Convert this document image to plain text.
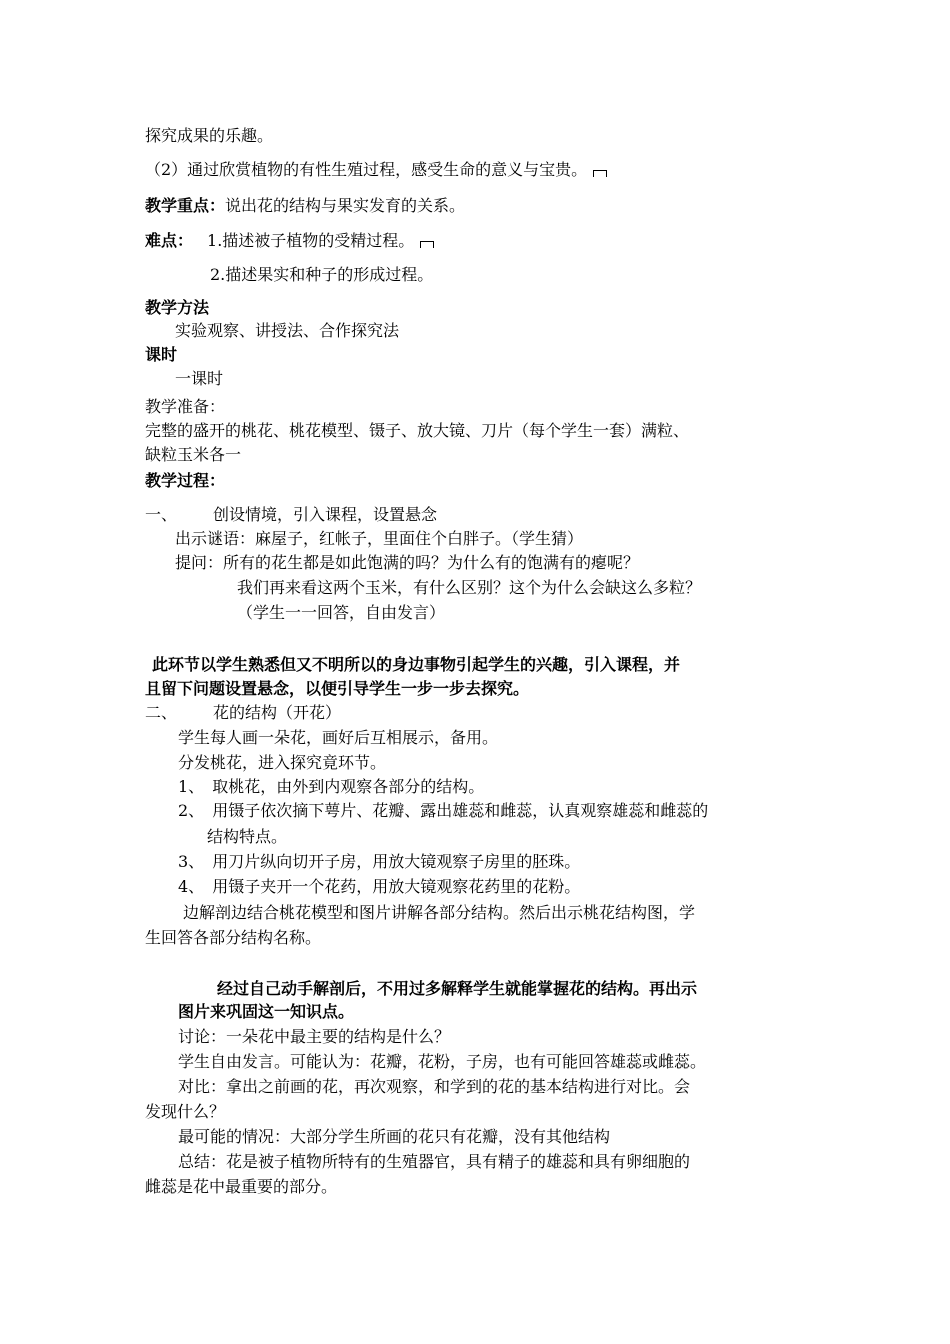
探究成果的乐趣。
（2）通过欣赏植物的有性生殖过程，感受生命的意义与宝贵。
教学重点：说出花的结构与果实发育的关系。
难点： 1.描述被子植物的受精过程。
2.描述果实和种子的形成过程。
教学方法
实验观察、讲授法、合作探究法
课时
一课时
教学准备：
完整的盛开的桃花、桃花模型、镊子、放大镜、刀片（每个学生一套）满粒、
缺粒玉米各一
教学过程：
一、 创设情境，引入课程，设置悬念
出示谜语：麻屋子，红帐子，里面住个白胖子。（学生猜）
提问：所有的花生都是如此饱满的吗？为什么有的饱满有的瘪呢？
我们再来看这两个玉米，有什么区别？这个为什么会缺这么多粒？
（学生一一回答，自由发言）
此环节以学生熟悉但又不明所以的身边事物引起学生的兴趣，引入课程，并
且留下问题设置悬念，以便引导学生一步一步去探究。
二、 花的结构（开花）
学生每人画一朵花，画好后互相展示，备用。
分发桃花，进入探究竟环节。
1、 取桃花，由外到内观察各部分的结构。
2、 用镊子依次摘下萼片、花瓣、露出雄蕊和雌蕊，认真观察雄蕊和雌蕊的
结构特点。
3、 用刀片纵向切开子房，用放大镜观察子房里的胚珠。
4、 用镊子夹开一个花药，用放大镜观察花药里的花粉。
边解剖边结合桃花模型和图片讲解各部分结构。然后出示桃花结构图，学
生回答各部分结构名称。
经过自己动手解剖后，不用过多解释学生就能掌握花的结构。再出示
图片来巩固这一知识点。
讨论：一朵花中最主要的结构是什么？
学生自由发言。可能认为：花瓣，花粉，子房，也有可能回答雄蕊或雌蕊。
对比：拿出之前画的花，再次观察，和学到的花的基本结构进行对比。会
发现什么？
最可能的情况：大部分学生所画的花只有花瓣，没有其他结构
总结：花是被子植物所特有的生殖器官，具有精子的雄蕊和具有卵细胞的
雌蕊是花中最重要的部分。
